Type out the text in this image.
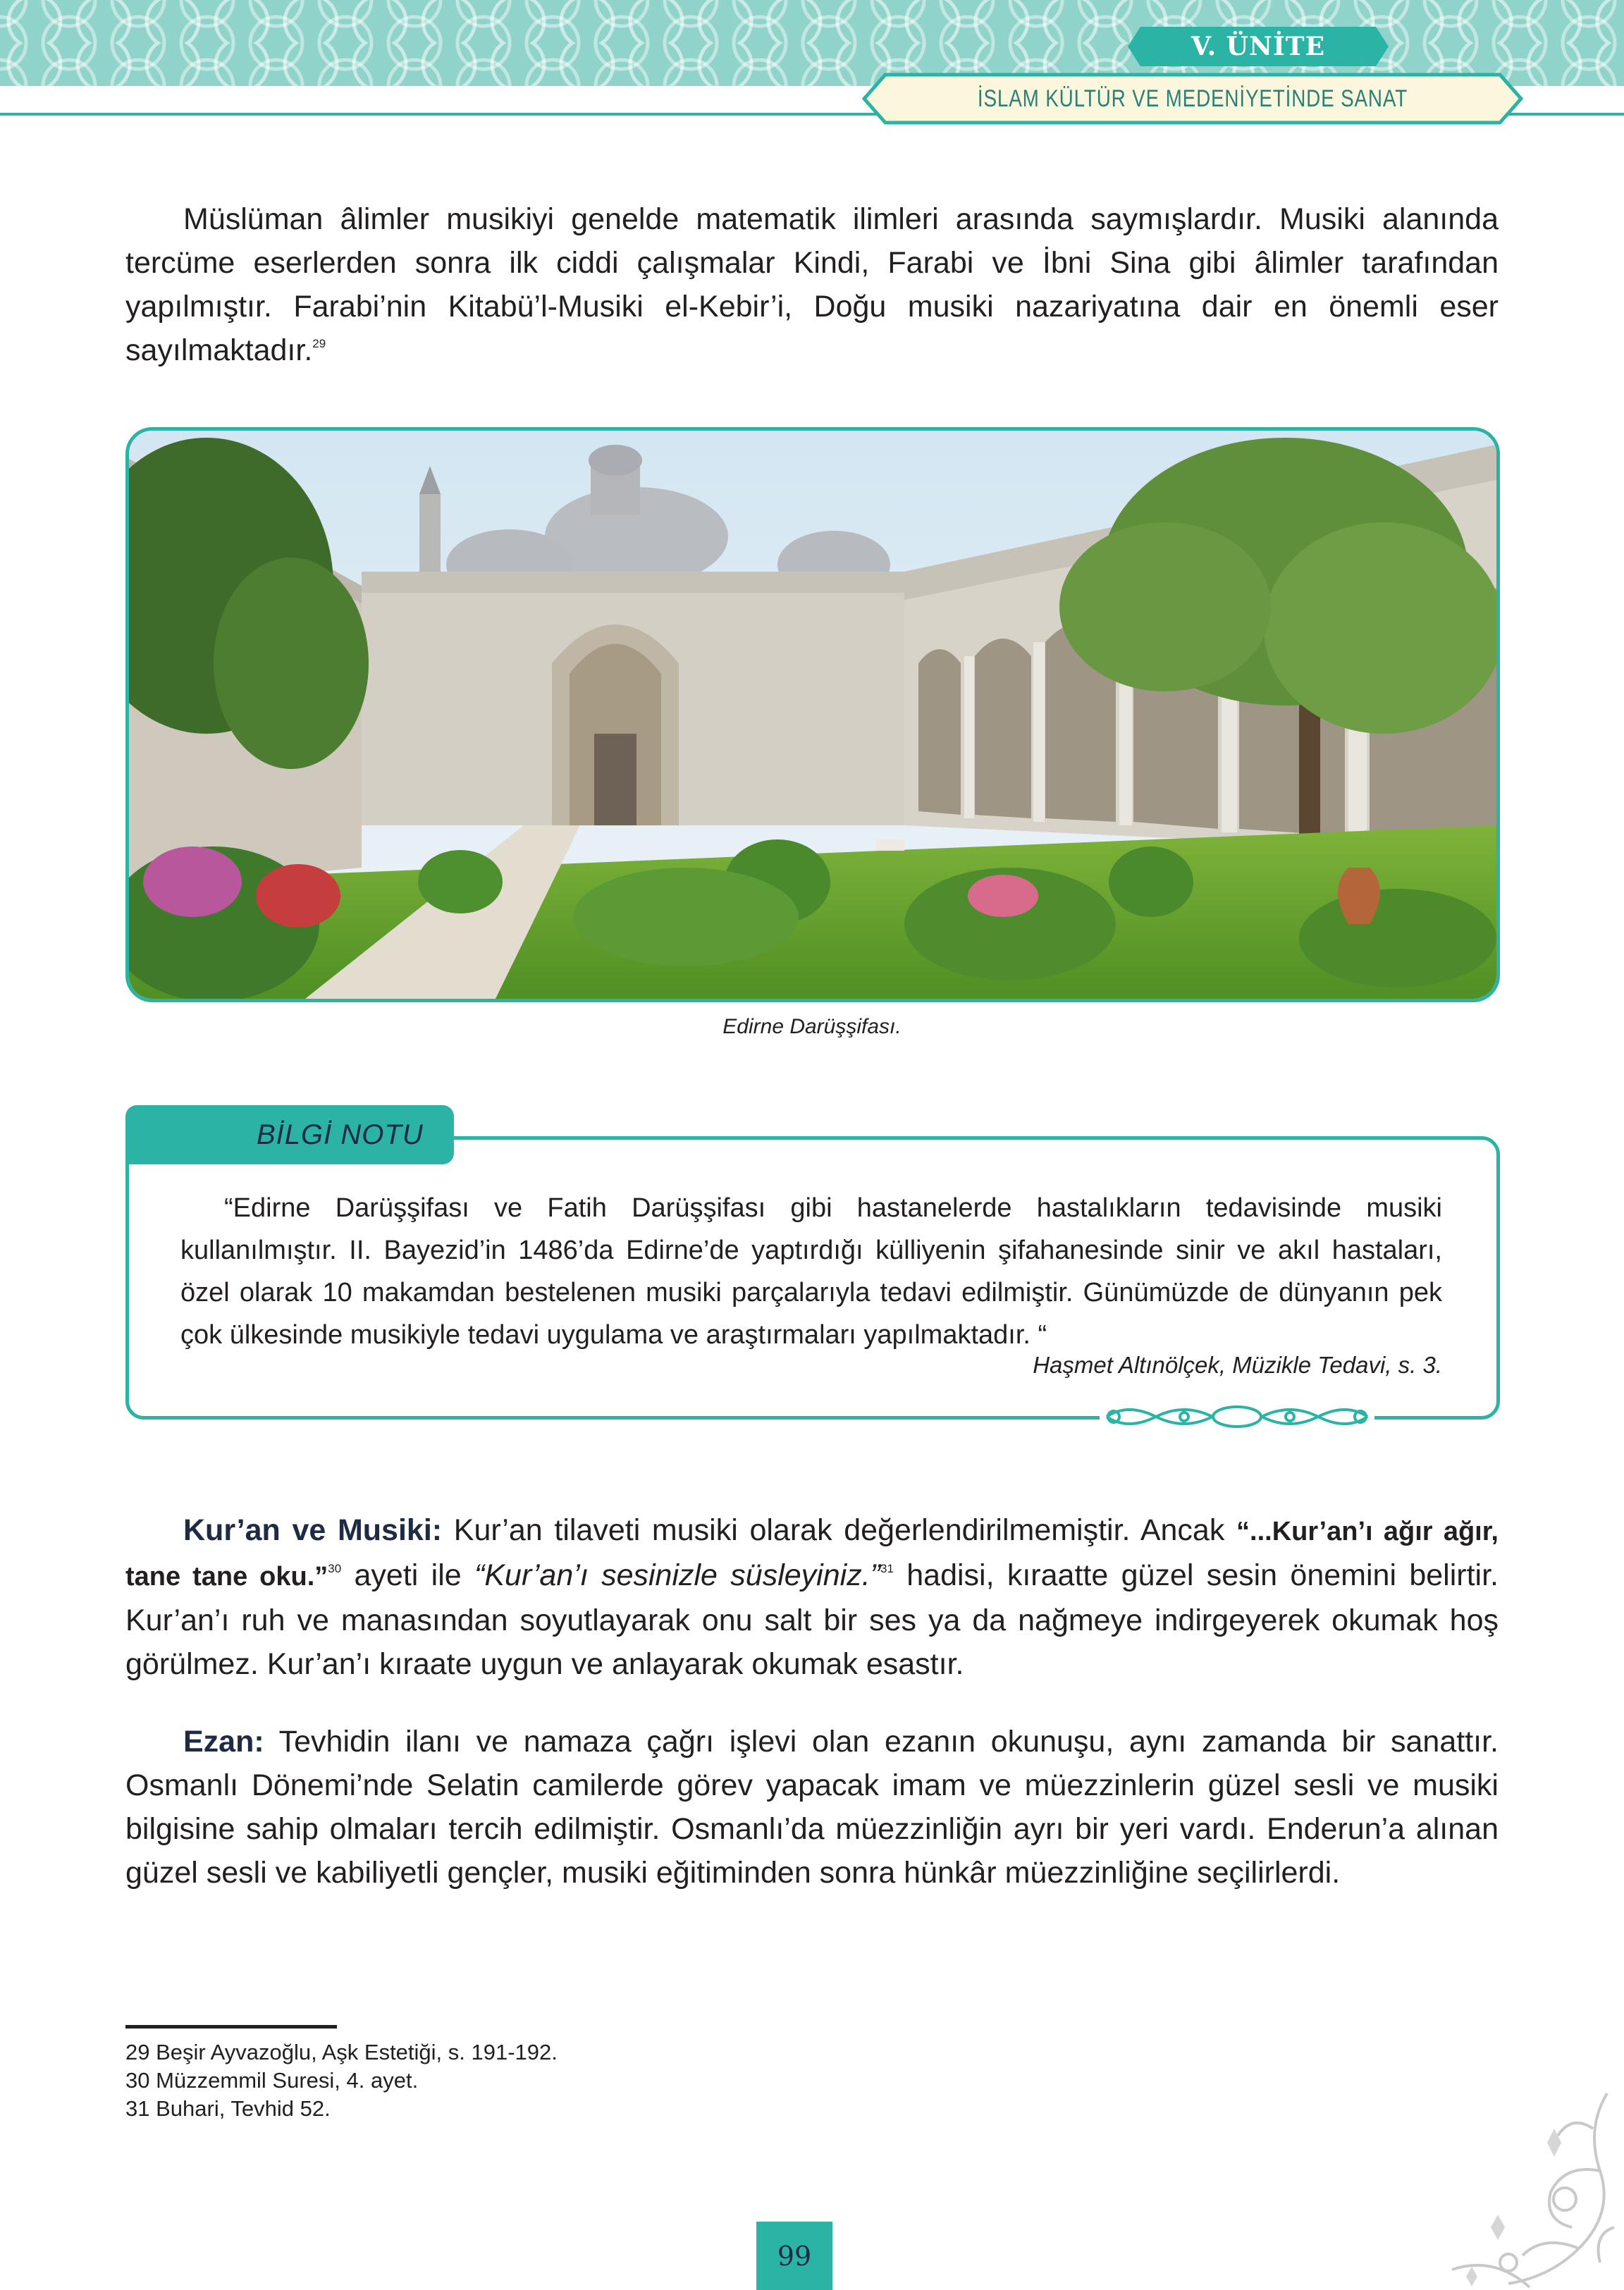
V. ÜNİTE
İSLAM KÜLTÜR VE MEDENİYETİNDE SANAT

Müslüman âlimler musikiyi genelde matematik ilimleri arasında saymışlardır. Musiki alanında tercüme eserlerden sonra ilk ciddi çalışmalar Kindi, Farabi ve İbni Sina gibi âlimler tarafından yapılmıştır. Farabi’nin Kitabü’l-Musiki el-Kebir’i, Doğu musiki nazariyatına dair en önemli eser sayılmaktadır.$^{29}$

Edirne Darüşşifası.
BİLGİ NOTU

“Edirne Darüşşifası ve Fatih Darüşşifası gibi hastanelerde hastalıkların tedavisinde musiki kullanılmıştır. II. Bayezid’in 1486’da Edirne’de yaptırdığı külliyenin şifahanesinde sinir ve akıl hastaları, özel olarak 10 makamdan bestelenen musiki parçalarıyla tedavi edilmiştir. Günümüzde de dünyanın pek çok ülkesinde musikiyle tedavi uygulama ve araştırmaları yapılmaktadır. “

Haşmet Altınölçek, Müzikle Tedavi, s. 3.

Kur’an ve Musiki: Kur’an tilaveti musiki olarak değerlendirilmemiştir. Ancak “...Kur’an’ı ağır ağır, tane tane oku.”$^{30}$ ayeti ile “Kur’an’ı sesinizle süsleyiniz.”$^{31}$ hadisi, kıraatte güzel sesin önemini belirtir. Kur’an’ı ruh ve manasından soyutlayarak onu salt bir ses ya da nağmeye indirgeyerek okumak hoş görülmez. Kur’an’ı kıraate uygun ve anlayarak okumak esastır.

Ezan: Tevhidin ilanı ve namaza çağrı işlevi olan ezanın okunuşu, aynı zamanda bir sanattır. Osmanlı Dönemi’nde Selatin camilerde görev yapacak imam ve müezzinlerin güzel sesli ve musiki bilgisine sahip olmaları tercih edilmiştir. Osmanlı’da müezzinliğin ayrı bir yeri vardı. Enderun’a alınan güzel sesli ve kabiliyetli gençler, musiki eğitiminden sonra hünkâr müezzinliğine seçilirlerdi.

29 Beşir Ayvazoğlu, Aşk Estetiği, s. 191-192.

30 Müzzemmil Suresi, 4. ayet.

31 Buhari, Tevhid 52.

99
